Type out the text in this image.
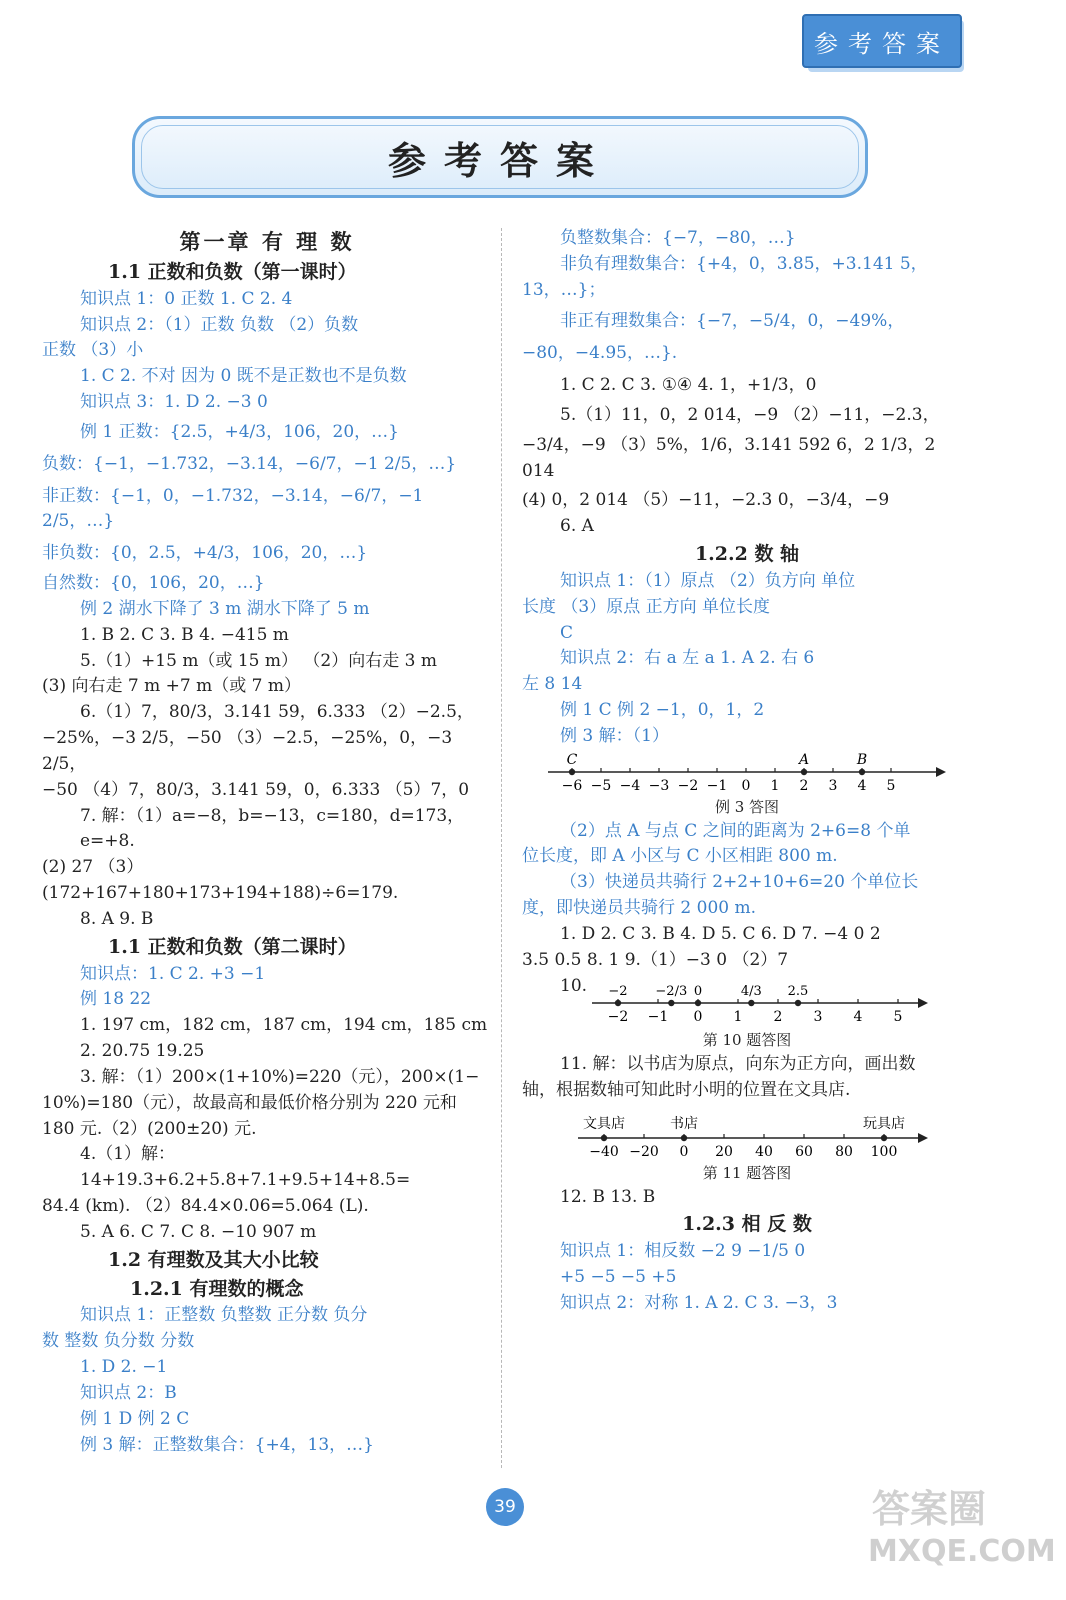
参考答案
参考答案

第一章 有 理 数

1.1 正数和负数（第一课时）

知识点 1：0 正数 1. C 2. 4

知识点 2：（1）正数 负数 （2）负数

正数 （3）小

1. C 2. 不对 因为 0 既不是正数也不是负数

知识点 3：1. D 2. −3 0

例 1 正数：{2.5，+4/3，106，20，…}

负数：{−1，−1.732，−3.14，−6/7，−1 2/5，…}

非正数：{−1，0，−1.732，−3.14，−6/7，−1 2/5，…}

非负数：{0，2.5，+4/3，106，20，…}

自然数：{0，106，20，…}

例 2 湖水下降了 3 m 湖水下降了 5 m

1. B 2. C 3. B 4. −415 m

5.（1）+15 m（或 15 m） （2）向右走 3 m

(3) 向右走 7 m +7 m（或 7 m）

6.（1）7，80/3，3.141 59，6.333 （2）−2.5，

−25%，−3 2/5，−50 （3）−2.5，−25%，0，−3 2/5，

−50 （4）7，80/3，3.141 59，0，6.333 （5）7，0

7. 解：（1）a=−8，b=−13，c=180，d=173，e=+8.

(2) 27 （3）(172+167+180+173+194+188)÷6=179.

8. A 9. B

1.1 正数和负数（第二课时）

知识点：1. C 2. +3 −1

例 18 22

1. 197 cm，182 cm，187 cm，194 cm，185 cm

2. 20.75 19.25

3. 解：（1）200×(1+10%)=220（元），200×(1−

10%)=180（元），故最高和最低价格分别为 220 元和

180 元.（2）(200±20) 元.

4.（1）解：14+19.3+6.2+5.8+7.1+9.5+14+8.5=

84.4 (km). （2）84.4×0.06=5.064 (L).

5. A 6. C 7. C 8. −10 907 m

1.2 有理数及其大小比较

1.2.1 有理数的概念

知识点 1：正整数 负整数 正分数 负分

数 整数 负分数 分数

1. D 2. −1

知识点 2：B

例 1 D 例 2 C

例 3 解：正整数集合：{+4，13，…}

负整数集合：{−7，−80，…}

非负有理数集合：{+4，0，3.85，+3.141 5，

13，…}；

非正有理数集合：{−7，−5/4，0，−49%，

−80，−4.95，…}.

1. C 2. C 3. ①④ 4. 1，+1/3，0

5.（1）11，0，2 014，−9 （2）−11，−2.3，

−3/4，−9 （3）5%，1/6，3.141 592 6，2 1/3，2 014

(4) 0，2 014 （5）−11，−2.3 0，−3/4，−9

6. A

1.2.2 数 轴

知识点 1：（1）原点 （2）负方向 单位

长度 （3）原点 正方向 单位长度

C

知识点 2：右 a 左 a 1. A 2. 右 6

左 8 14

例 1 C 例 2 −1，0，1，2

例 3 解：（1）

−6 −5 −4 −3 −2 −1 0 1 2 3 4 5
C	A	B

例 3 答图

（2）点 A 与点 C 之间的距离为 2+6=8 个单

位长度，即 A 小区与 C 小区相距 800 m.

（3）快递员共骑行 2+2+10+6=20 个单位长

度，即快递员共骑行 2 000 m.

1. D 2. C 3. B 4. D 5. C 6. D 7. −4 0 2

3.5 0.5 8. 1 9.（1）−3 0 （2）7

10.

−2 −1 0 1 2 3 4 5
−2 −2/3 0	4/3 2.5

第 10 题答图

11. 解：以书店为原点，向东为正方向，画出数

轴，根据数轴可知此时小明的位置在文具店.

−40 −20 0 20 40 60 80 100
文具店	书店	玩具店

第 11 题答图

12. B 13. B

1.2.3 相 反 数

知识点 1：相反数 −2 9 −1/5 0

+5 −5 −5 +5

知识点 2：对称 1. A 2. C 3. −3，3

39	答案圈
MXQE.COM
